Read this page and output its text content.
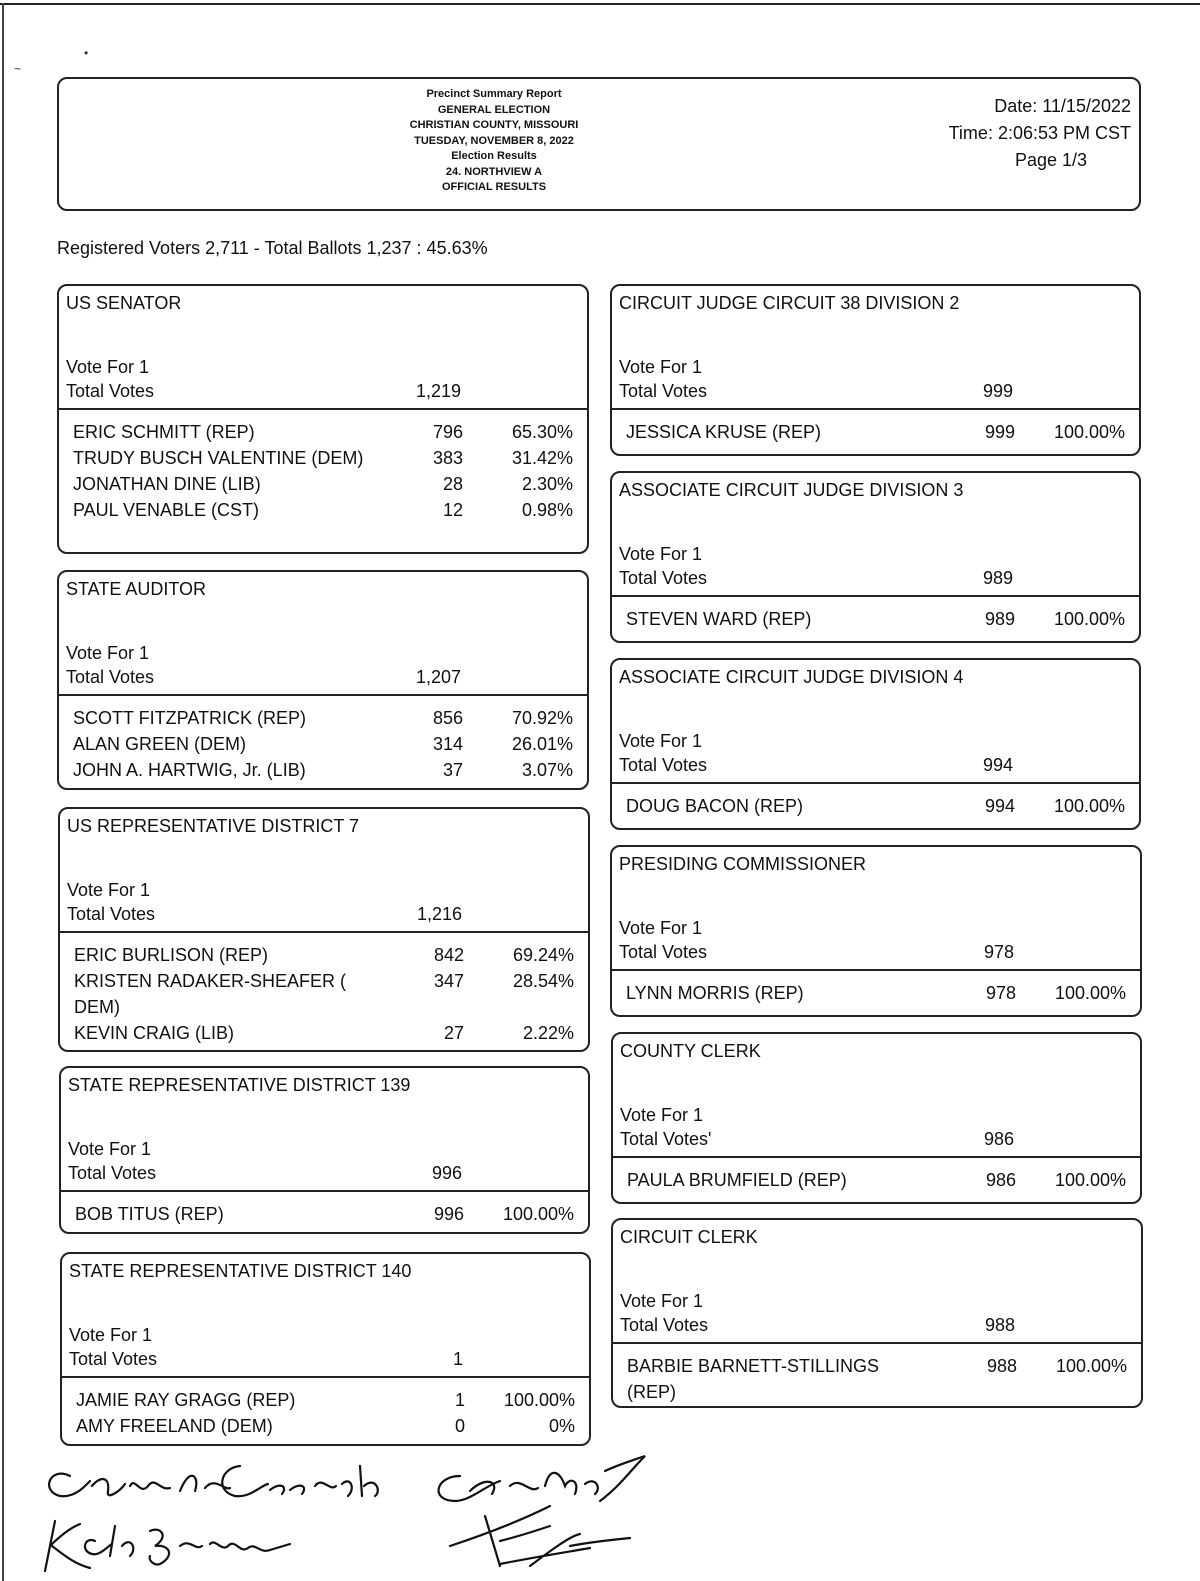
~
•
Precinct Summary Report
GENERAL ELECTION
CHRISTIAN COUNTY, MISSOURI
TUESDAY, NOVEMBER 8, 2022
Election Results
24. NORTHVIEW A
OFFICIAL RESULTS
Date: 11/15/2022
Time: 2:06:53 PM CST
Page 1/3
Registered Voters 2,711 - Total Ballots 1,237 : 45.63%
US SENATOR
Vote For 1
Total Votes	1,219
ERIC SCHMITT (REP)	796	65.30%
TRUDY BUSCH VALENTINE (DEM)	383	31.42%
JONATHAN DINE (LIB)	28	2.30%
PAUL VENABLE (CST)	12	0.98%
STATE AUDITOR
Vote For 1
Total Votes	1,207
SCOTT FITZPATRICK (REP)	856	70.92%
ALAN GREEN (DEM)	314	26.01%
JOHN A. HARTWIG, Jr. (LIB)	37	3.07%
US REPRESENTATIVE DISTRICT 7
Vote For 1
Total Votes	1,216
ERIC BURLISON (REP)	842	69.24%
KRISTEN RADAKER-SHEAFER ( DEM)
347	28.54%
KEVIN CRAIG (LIB)	27	2.22%
STATE REPRESENTATIVE DISTRICT 139
Vote For 1
Total Votes	996
BOB TITUS (REP)	996 100.00%
STATE REPRESENTATIVE DISTRICT 140
Vote For 1
Total Votes	1
JAMIE RAY GRAGG (REP)	1 100.00%
AMY FREELAND (DEM)	0	0%
CIRCUIT JUDGE CIRCUIT 38 DIVISION 2
Vote For 1
Total Votes	999
JESSICA KRUSE (REP)	999 100.00%
ASSOCIATE CIRCUIT JUDGE DIVISION 3
Vote For 1
Total Votes	989
STEVEN WARD (REP)	989 100.00%
ASSOCIATE CIRCUIT JUDGE DIVISION 4
Vote For 1
Total Votes	994
DOUG BACON (REP)	994 100.00%
PRESIDING COMMISSIONER
Vote For 1
Total Votes	978
LYNN MORRIS (REP)	978 100.00%
COUNTY CLERK
Vote For 1
Total Votes'	986
PAULA BRUMFIELD (REP)	986 100.00%
CIRCUIT CLERK
Vote For 1
Total Votes	988
BARBIE BARNETT-STILLINGS (REP)
988 100.00%
